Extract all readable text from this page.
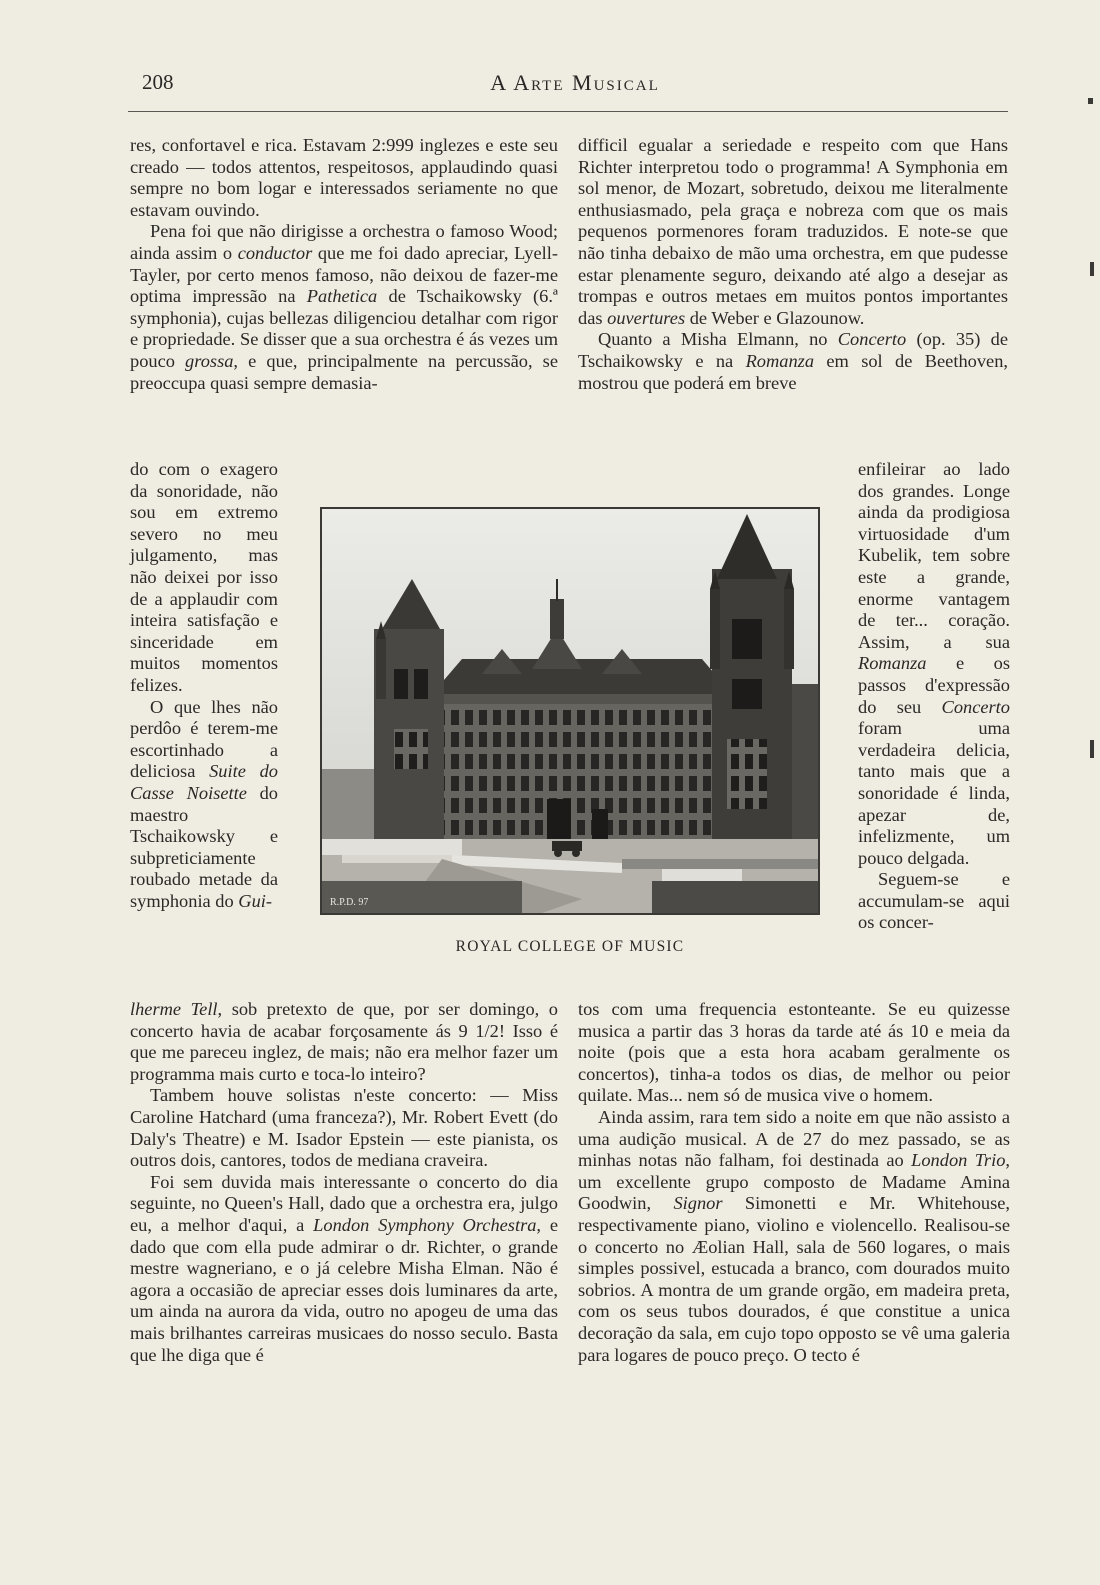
208	A Arte Musical

res, confortavel e rica. Estavam 2:999 inglezes e este seu creado — todos attentos, respeitosos, applaudindo quasi sempre no bom logar e interessados seriamente no que estavam ouvindo.

Pena foi que não dirigisse a orchestra o famoso Wood; ainda assim o conductor que me foi dado apreciar, Lyell-Tayler, por certo menos famoso, não deixou de fazer-me optima impressão na Pathetica de Tschaikowsky (6.ª symphonia), cujas bellezas diligenciou detalhar com rigor e propriedade. Se disser que a sua orchestra é ás vezes um pouco grossa, e que, principalmente na percussão, se preoccupa quasi sempre demasia-

do com o exagero da sonoridade, não sou em extremo severo no meu julgamento, mas não deixei por isso de a applaudir com inteira satisfação e sinceridade em muitos momentos felizes.

O que lhes não perdôo é terem-me escortinhado a deliciosa Suite do Casse Noisette do maestro Tschaikowsky e subpreticiamente roubado metade da symphonia do Gui-

lherme Tell, sob pretexto de que, por ser domingo, o concerto havia de acabar forçosamente ás 9 1/2! Isso é que me pareceu inglez, de mais; não era melhor fazer um programma mais curto e toca-lo inteiro?

Tambem houve solistas n'este concerto: — Miss Caroline Hatchard (uma franceza?), Mr. Robert Evett (do Daly's Theatre) e M. Isador Epstein — este pianista, os outros dois, cantores, todos de mediana craveira.

Foi sem duvida mais interessante o concerto do dia seguinte, no Queen's Hall, dado que a orchestra era, julgo eu, a melhor d'aqui, a London Symphony Orchestra, e dado que com ella pude admirar o dr. Richter, o grande mestre wagneriano, e o já celebre Misha Elman. Não é agora a occasião de apreciar esses dois luminares da arte, um ainda na aurora da vida, outro no apogeu de uma das mais brilhantes carreiras musicaes do nosso seculo. Basta que lhe diga que é

difficil egualar a seriedade e respeito com que Hans Richter interpretou todo o programma! A Symphonia em sol menor, de Mozart, sobretudo, deixou me literalmente enthusiasmado, pela graça e nobreza com que os mais pequenos pormenores foram traduzidos. E note-se que não tinha debaixo de mão uma orchestra, em que pudesse estar plenamente seguro, deixando até algo a desejar as trompas e outros metaes em muitos pontos importantes das ouvertures de Weber e Glazounow.

Quanto a Misha Elmann, no Concerto (op. 35) de Tschaikowsky e na Romanza em sol de Beethoven, mostrou que poderá em breve

enfileirar ao lado dos grandes. Longe ainda da prodigiosa virtuosidade d'um Kubelik, tem sobre este a grande, enorme vantagem de ter... coração. Assim, a sua Romanza e os passos d'expressão do seu Concerto foram uma verdadeira delicia, tanto mais que a sonoridade é linda, apezar de, infelizmente, um pouco delgada.

Seguem-se e accumulam-se aqui os concer-

tos com uma frequencia estonteante. Se eu quizesse musica a partir das 3 horas da tarde até ás 10 e meia da noite (pois que a esta hora acabam geralmente os concertos), tinha-a todos os dias, de melhor ou peior quilate. Mas... nem só de musica vive o homem.

Ainda assim, rara tem sido a noite em que não assisto a uma audição musical. A de 27 do mez passado, se as minhas notas não falham, foi destinada ao London Trio, um excellente grupo composto de Madame Amina Goodwin, Signor Simonetti e Mr. Whitehouse, respectivamente piano, violino e violencello. Realisou-se o concerto no Æolian Hall, sala de 560 logares, o mais simples possivel, estucada a branco, com dourados muito sobrios. A montra de um grande orgão, em madeira preta, com os seus tubos dourados, é que constitue a unica decoração da sala, em cujo topo opposto se vê uma galeria para logares de pouco preço. O tecto é

R.P.D. 97
ROYAL COLLEGE OF MUSIC
